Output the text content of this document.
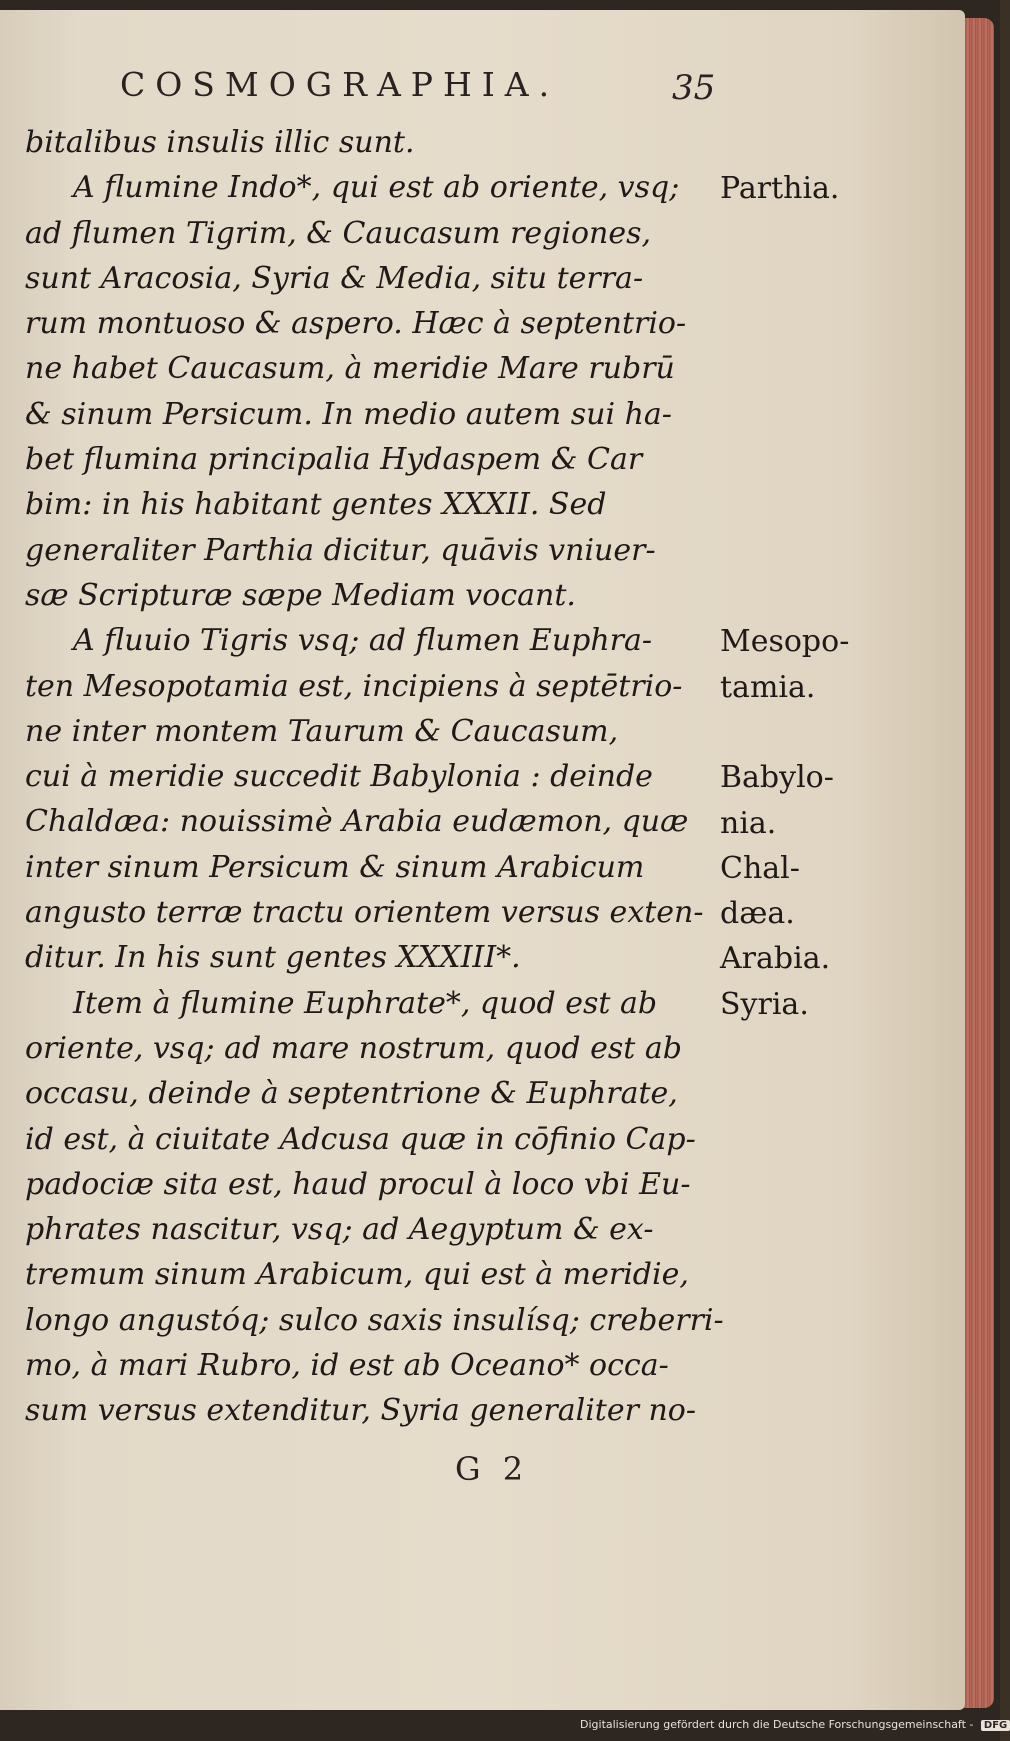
COSMOGRAPHIA.	35
bitalibus insulis illic sunt.
A flumine Indo*, qui est ab oriente, vsq;
ad flumen Tigrim, & Caucasum regiones,
sunt Aracosia, Syria & Media, situ terra-
rum montuoso & aspero. Hæc à septentrio-
ne habet Caucasum, à meridie Mare rubrū
& sinum Persicum. In medio autem sui ha-
bet flumina principalia Hydaspem & Car
bim: in his habitant gentes XXXII. Sed
generaliter Parthia dicitur, quāvis vniuer-
sæ Scripturæ sæpe Mediam vocant.
A fluuio Tigris vsq; ad flumen Euphra-
ten Mesopotamia est, incipiens à septētrio-
ne inter montem Taurum & Caucasum,
cui à meridie succedit Babylonia : deinde
Chaldæa: nouissimè Arabia eudæmon, quæ
inter sinum Persicum & sinum Arabicum
angusto terræ tractu orientem versus exten-
ditur. In his sunt gentes XXXIII*.
Item à flumine Euphrate*, quod est ab
oriente, vsq; ad mare nostrum, quod est ab
occasu, deinde à septentrione & Euphrate,
id est, à ciuitate Adcusa quæ in cōfinio Cap-
padociæ sita est, haud procul à loco vbi Eu-
phrates nascitur, vsq; ad Aegyptum & ex-
tremum sinum Arabicum, qui est à meridie,
longo angustóq; sulco saxis insulísq; creberri-
mo, à mari Rubro, id est ab Oceano* occa-
sum versus extenditur, Syria generaliter no-
Parthia.
Mesopo-
tamia.
Babylo-
nia.
Chal-
dæa.
Arabia.
Syria.
G 2
Digitalisierung gefördert durch die Deutsche Forschungsgemeinschaft - DFG
